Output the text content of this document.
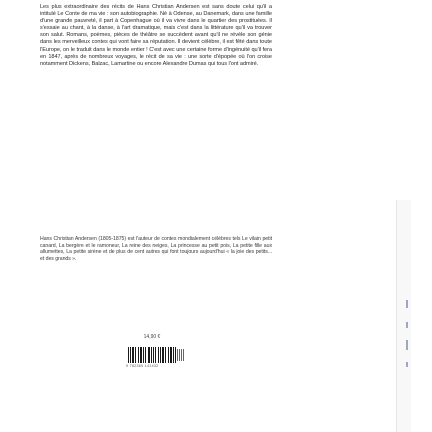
Les plus extraordinaire des récits de Hans Christian Andersen est sans doute celui qu'il a intitulé Le Conte de ma vie : son autobiographie. Né à Odense, au Danemark, dans une famille d'une grande pauvreté, il part à Copenhague où il va vivre dans le quartier des prostituées. Il s'essaie au chant, à la danse, à l'art dramatique, mais c'est dans la littérature qu'il va trouver son salut. Romans, poèmes, pièces de théâtre se succèdent avant qu'il ne révèle son génie dans les merveilleux contes qui vont faire sa réputation. Il devient célèbre, il est fêté dans toute l'Europe, on le traduit dans le monde entier ! C'est avec une certaine forme d'ingénuité qu'il fera en 1847, après de nombreux voyages, le récit de sa vie : une sorte d'épopée où l'on croise notamment Dickens, Balzac, Lamartine ou encore Alexandre Dumas qui tous l'ont admiré.

Hans Christian Andersen (1805-1875) est l'auteur de contes mondialement célèbres tels Le vilain petit canard, La bergère et le ramoneur, La reine des neiges, La princesse au petit pois, La petite fille aux allumettes, La petite sirène et de plus de cent autres qui font toujours aujourd'hui « la joie des petits... et des grands ».

14,90 €
9 782369 141432
